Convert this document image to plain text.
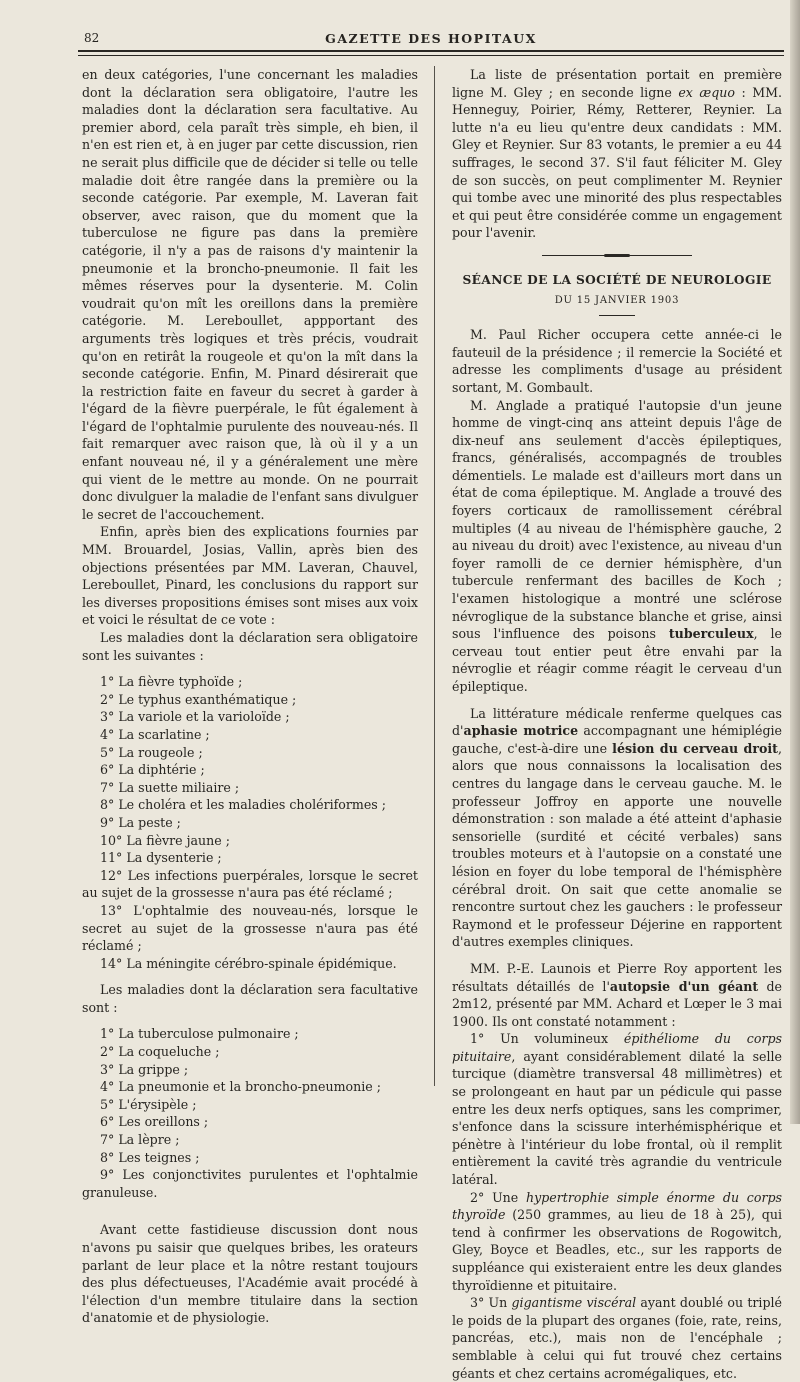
82	GAZETTE DES HOPITAUX

en deux catégories, l'une concernant les maladies dont la déclaration sera obligatoire, l'autre les maladies dont la déclaration sera facultative. Au premier abord, cela paraît très simple, eh bien, il n'en est rien et, à en juger par cette discussion, rien ne serait plus difficile que de décider si telle ou telle maladie doit être rangée dans la première ou la seconde catégorie. Par exemple, M. Laveran fait observer, avec raison, que du moment que la tuberculose ne figure pas dans la première catégorie, il n'y a pas de raisons d'y maintenir la pneumonie et la broncho-pneumonie. Il fait les mêmes réserves pour la dysenterie. M. Colin voudrait qu'on mît les oreillons dans la première catégorie. M. Lereboullet, appportant des arguments très logiques et très précis, voudrait qu'on en retirât la rougeole et qu'on la mît dans la seconde catégorie. Enfin, M. Pinard désirerait que la restriction faite en faveur du secret à garder à l'égard de la fièvre puerpérale, le fût également à l'égard de l'ophtalmie purulente des nouveau-nés. Il fait remarquer avec raison que, là où il y a un enfant nouveau né, il y a généralement une mère qui vient de le mettre au monde. On ne pourrait donc divulguer la maladie de l'enfant sans divulguer le secret de l'accouchement.

Enfin, après bien des explications fournies par MM. Brouardel, Josias, Vallin, après bien des objections présentées par MM. Laveran, Chauvel, Lereboullet, Pinard, les conclusions du rapport sur les diverses propositions émises sont mises aux voix et voici le résultat de ce vote :

Les maladies dont la déclaration sera obligatoire sont les suivantes :

1° La fièvre typhoïde ;
2° Le typhus exanthématique ;
3° La variole et la varioloïde ;
4° La scarlatine ;
5° La rougeole ;
6° La diphtérie ;
7° La suette miliaire ;
8° Le choléra et les maladies cholériformes ;
9° La peste ;
10° La fièvre jaune ;
11° La dysenterie ;
12° Les infections puerpérales, lorsque le secret au sujet de la grossesse n'aura pas été réclamé ;
13° L'ophtalmie des nouveau-nés, lorsque le secret au sujet de la grossesse n'aura pas été réclamé ;
14° La méningite cérébro-spinale épidémique.

Les maladies dont la déclaration sera facultative sont :

1° La tuberculose pulmonaire ;
2° La coqueluche ;
3° La grippe ;
4° La pneumonie et la broncho-pneumonie ;
5° L'érysipèle ;
6° Les oreillons ;
7° La lèpre ;
8° Les teignes ;
9° Les conjonctivites purulentes et l'ophtalmie granuleuse.

Avant cette fastidieuse discussion dont nous n'avons pu saisir que quelques bribes, les orateurs parlant de leur place et la nôtre restant toujours des plus défectueuses, l'Académie avait procédé à l'élection d'un membre titulaire dans la section d'anatomie et de physiologie.

La liste de présentation portait en première ligne M. Gley ; en seconde ligne ex æquo : MM. Henneguy, Poirier, Rémy, Retterer, Reynier. La lutte n'a eu lieu qu'entre deux candidats : MM. Gley et Reynier. Sur 83 votants, le premier a eu 44 suffrages, le second 37. S'il faut féliciter M. Gley de son succès, on peut complimenter M. Reynier qui tombe avec une minorité des plus respectables et qui peut être considérée comme un engagement pour l'avenir.

SÉANCE DE LA SOCIÉTÉ DE NEUROLOGIE
DU 15 JANVIER 1903

M. Paul Richer occupera cette année-ci le fauteuil de la présidence ; il remercie la Société et adresse les compliments d'usage au président sortant, M. Gombault.

M. Anglade a pratiqué l'autopsie d'un jeune homme de vingt-cinq ans atteint depuis l'âge de dix-neuf ans seulement d'accès épileptiques, francs, généralisés, accompagnés de troubles démentiels. Le malade est d'ailleurs mort dans un état de coma épileptique. M. Anglade a trouvé des foyers corticaux de ramollissement cérébral multiples (4 au niveau de l'hémisphère gauche, 2 au niveau du droit) avec l'existence, au niveau d'un foyer ramolli de ce dernier hémisphère, d'un tubercule renfermant des bacilles de Koch ; l'examen histologique a montré une sclérose névroglique de la substance blanche et grise, ainsi sous l'influence des poisons tuberculeux, le cerveau tout entier peut être envahi par la névroglie et réagir comme réagit le cerveau d'un épileptique.

La littérature médicale renferme quelques cas d'aphasie motrice accompagnant une hémiplégie gauche, c'est-à-dire une lésion du cerveau droit, alors que nous connaissons la localisation des centres du langage dans le cerveau gauche. M. le professeur Joffroy en apporte une nouvelle démonstration : son malade a été atteint d'aphasie sensorielle (surdité et cécité verbales) sans troubles moteurs et à l'autopsie on a constaté une lésion en foyer du lobe temporal de l'hémisphère cérébral droit. On sait que cette anomalie se rencontre surtout chez les gauchers : le professeur Raymond et le professeur Déjerine en rapportent d'autres exemples cliniques.

MM. P.-E. Launois et Pierre Roy apportent les résultats détaillés de l'autopsie d'un géant de 2m12, présenté par MM. Achard et Lœper le 3 mai 1900. Ils ont constaté notamment :

1° Un volumineux épithéliome du corps pituitaire, ayant considérablement dilaté la selle turcique (diamètre transversal 48 millimètres) et se prolongeant en haut par un pédicule qui passe entre les deux nerfs optiques, sans les comprimer, s'enfonce dans la scissure interhémisphérique et pénètre à l'intérieur du lobe frontal, où il remplit entièrement la cavité très agrandie du ventricule latéral.

2° Une hypertrophie simple énorme du corps thyroïde (250 grammes, au lieu de 18 à 25), qui tend à confirmer les observations de Rogowitch, Gley, Boyce et Beadles, etc., sur les rapports de suppléance qui existeraient entre les deux glandes thyroïdienne et pituitaire.

3° Un gigantisme viscéral ayant doublé ou triplé le poids de la plupart des organes (foie, rate, reins, pancréas, etc.), mais non de l'encéphale ; semblable à celui qui fut trouvé chez certains géants et chez certains acromégaliques, etc.
